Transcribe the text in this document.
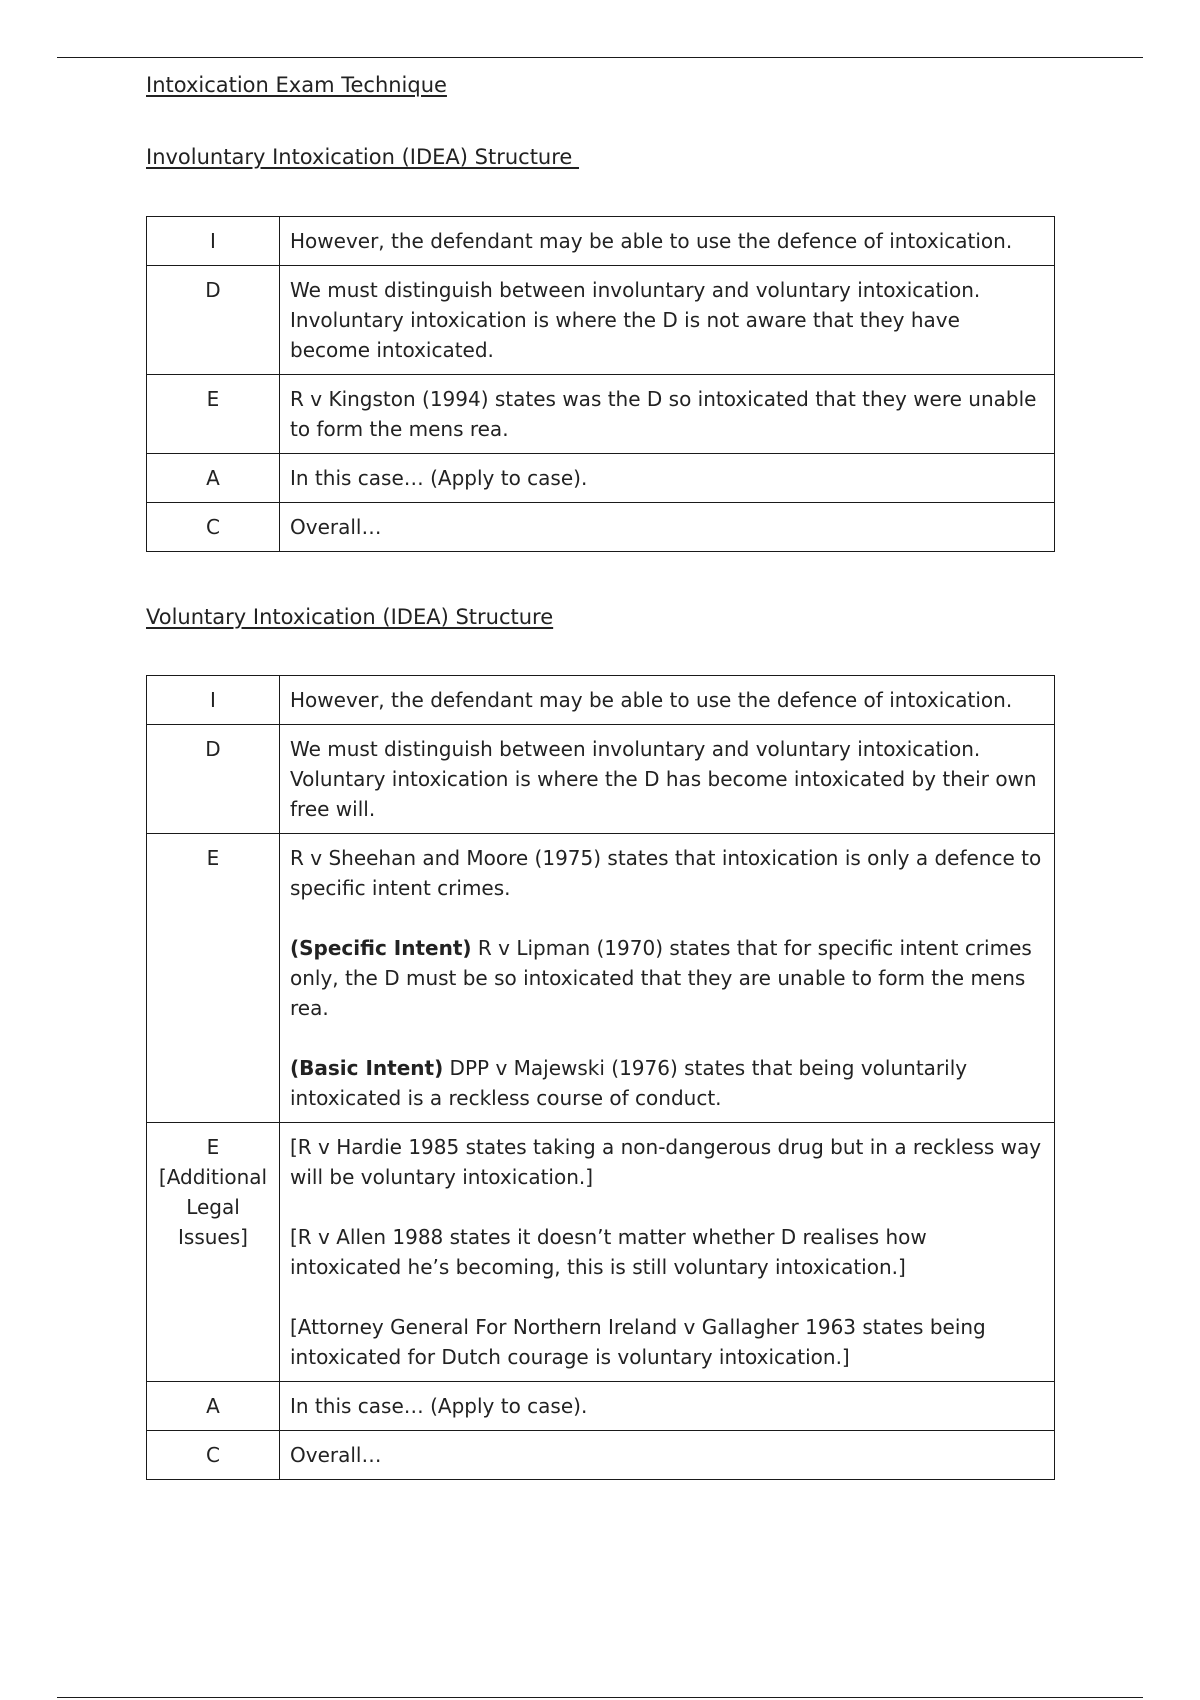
Intoxication Exam Technique
Involuntary Intoxication (IDEA) Structure
I	However, the defendant may be able to use the defence of intoxication.
D	We must distinguish between involuntary and voluntary intoxication. Involuntary intoxication is where the D is not aware that they have become intoxicated.
E	R v Kingston (1994) states was the D so intoxicated that they were unable to form the mens rea.
A	In this case… (Apply to case).
C	Overall…
Voluntary Intoxication (IDEA) Structure
I	However, the defendant may be able to use the defence of intoxication.
D	We must distinguish between involuntary and voluntary intoxication. Voluntary intoxication is where the D has become intoxicated by their own free will.
E	R v Sheehan and Moore (1975) states that intoxication is only a defence to specific intent crimes.
(Specific Intent) R v Lipman (1970) states that for specific intent crimes only, the D must be so intoxicated that they are unable to form the mens rea.
(Basic Intent) DPP v Majewski (1976) states that being voluntarily intoxicated is a reckless course of conduct.

E [Additional Legal Issues]	[R v Hardie 1985 states taking a non-dangerous drug but in a reckless way will be voluntary intoxication.]
[R v Allen 1988 states it doesn’t matter whether D realises how intoxicated he’s becoming, this is still voluntary intoxication.]
[Attorney General For Northern Ireland v Gallagher 1963 states being intoxicated for Dutch courage is voluntary intoxication.]

A	In this case… (Apply to case).
C	Overall…
